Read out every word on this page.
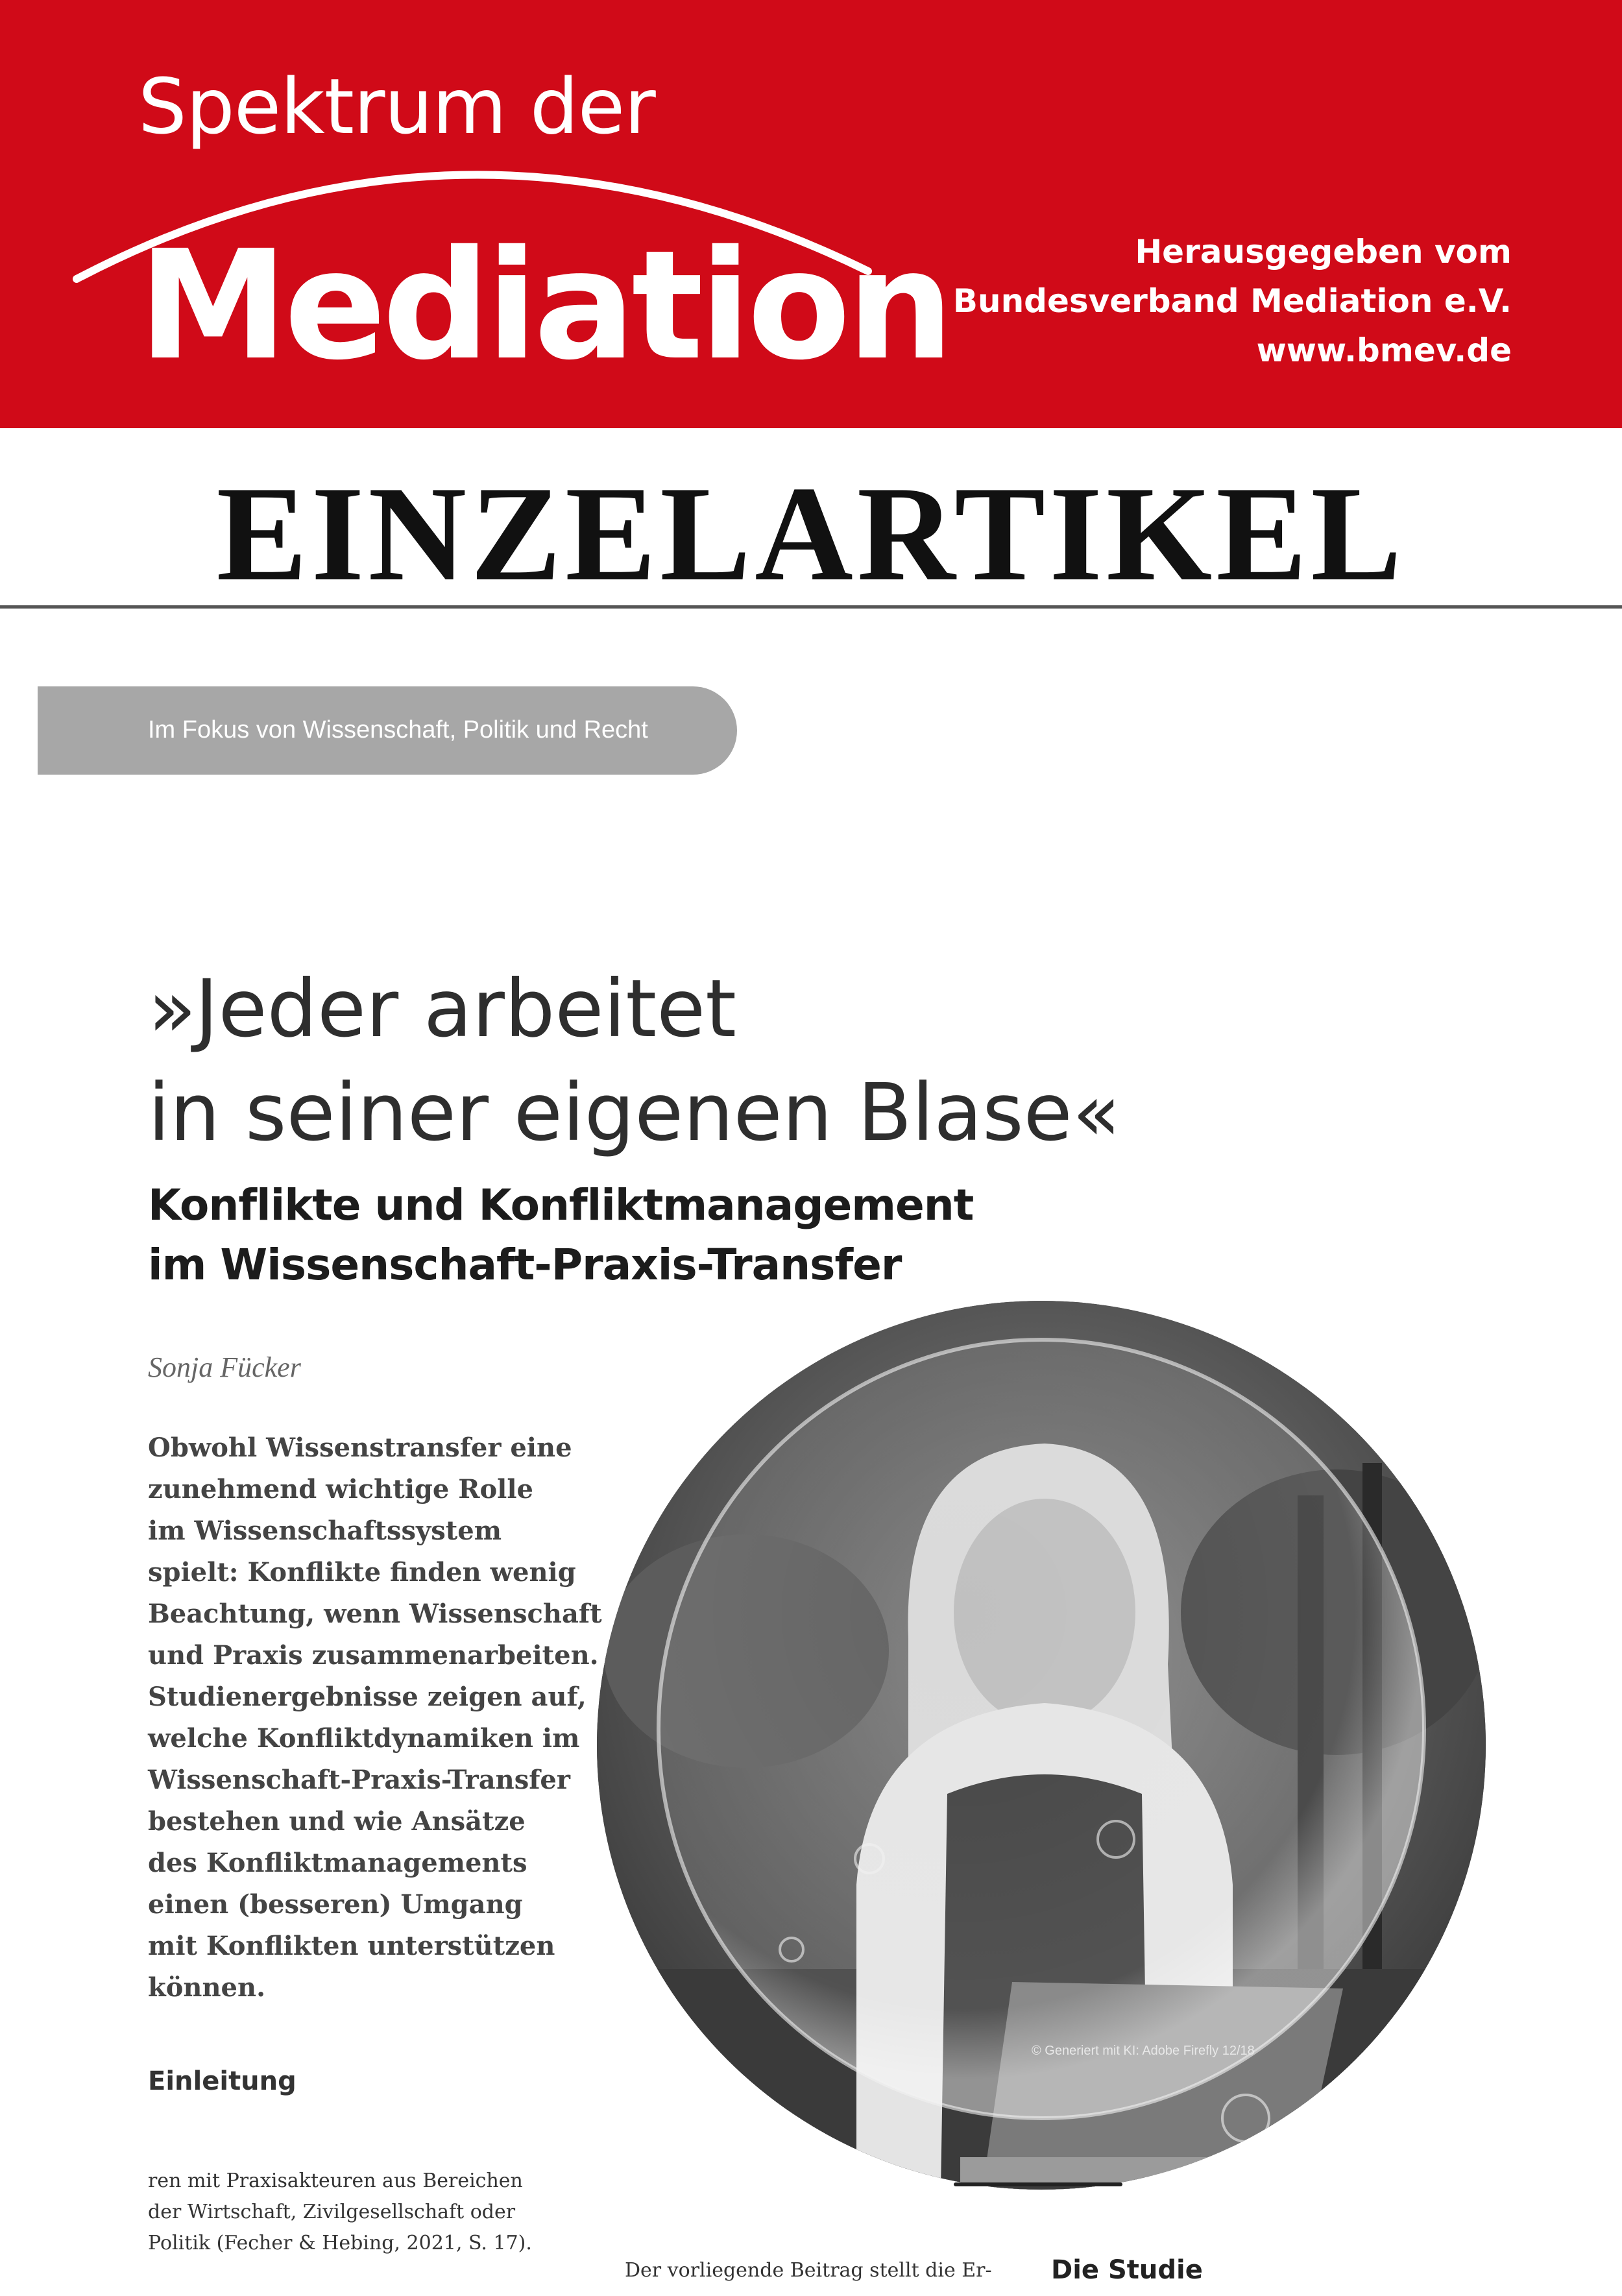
Spektrum der
Mediation	Herausgegeben vom
Bundesverband Mediation e.V.
www.bmev.de
EINZELARTIKEL
Im Fokus von Wissenschaft, Politik und Recht
»Jeder arbeitet
in seiner eigenen Blase«
Konflikte und Konfliktmanagement
im Wissenschaft-Praxis-Transfer
Sonja Fücker
Obwohl Wissenstransfer eine
zunehmend wichtige Rolle
im Wissenschaftssystem
spielt: Konflikte finden wenig
Beachtung, wenn Wissenschaft
und Praxis zusammenarbeiten.
Studienergebnisse zeigen auf,
welche Konfliktdynamiken im
Wissenschaft-Praxis-Transfer
bestehen und wie Ansätze
des Konfliktmanagements
einen (besseren) Umgang
mit Konflikten unterstützen
können.
Einleitung
© Generiert mit KI: Adobe Firefly 12/18
ren mit Praxisakteuren aus Bereichen
der Wirtschaft, Zivilgesellschaft oder
Politik (Fecher & Hebing, 2021, S. 17).
Der vorliegende Beitrag stellt die Er- Die Studie
